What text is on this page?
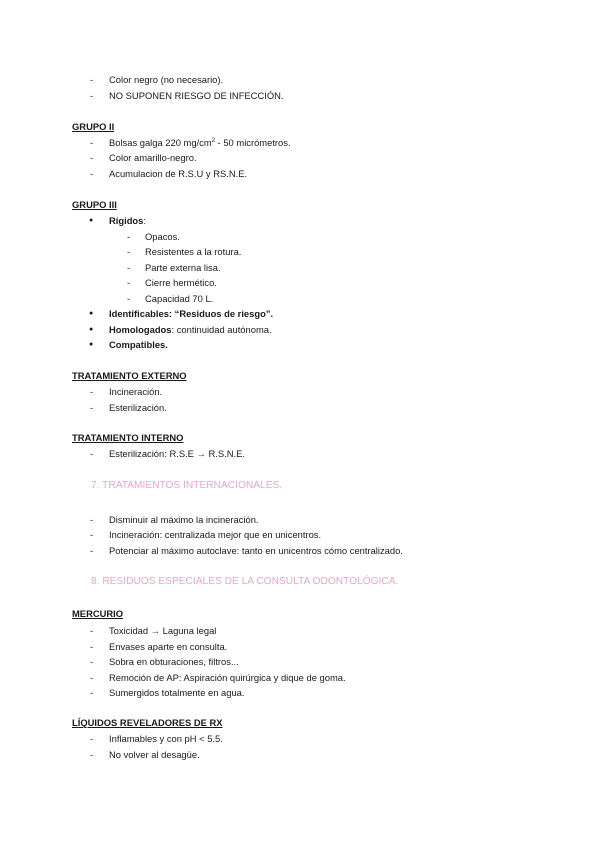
- Color negro (no necesario).
- NO SUPONEN RIESGO DE INFECCIÓN.
GRUPO II
- Bolsas galga 220 $mg/cm^2 - 50$ micrómetros.
- Color amarillo-negro.
- Acumulacion de R.S.U y RS.N.E.
GRUPO III
● Rígidos:
- Opacos.
- Resistentes a la rotura.
- Parte externa lisa.
- Cierre hermético.
- Capacidad 70 L.
● Identificables: “Residuos de riesgo”.
● Homologados: continuidad autónoma.
● Compatibles.
TRATAMIENTO EXTERNO
- Incineración.
- Esterilización.
TRATAMIENTO INTERNO
- Esterilización: R.S.E → R.S.N.E.
7. TRATAMIENTOS INTERNACIONALES.
- Disminuir al máximo la incineración.
- Incineración: centralizada mejor que en unicentros.
- Potenciar al máximo autoclave: tanto en unicentros cómo centralizado.
8. RESIDUOS ESPECIALES DE LA CONSULTA ODONTOLÓGICA.
MERCURIO
- Toxicidad → Laguna legal
- Envases aparte en consulta.
- Sobra en obturaciones, filtros...
- Remoción de AP: Aspiración quirúrgica y dique de goma.
- Sumergidos totalmente en agua.
LÍQUIDOS REVELADORES DE RX
- Inflamables y con pH < 5.5.
- No volver al desagüe.
